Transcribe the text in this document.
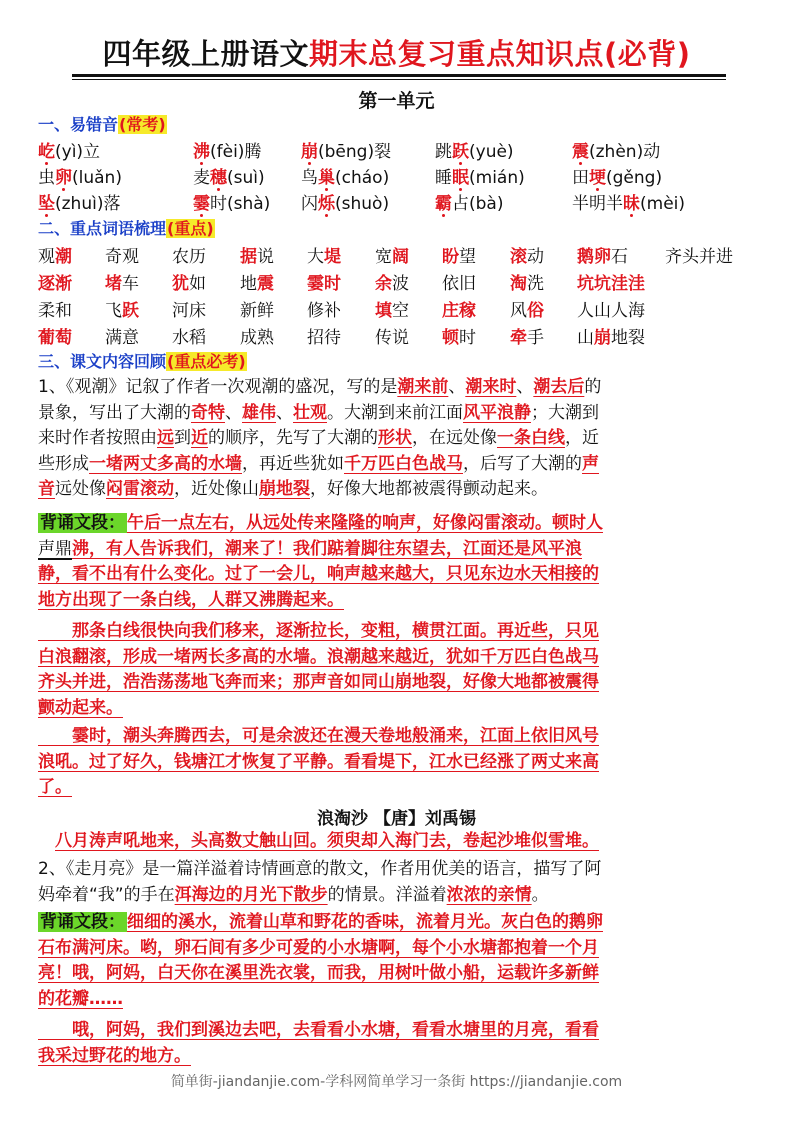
四年级上册语文期末总复习重点知识点(必背)
第一单元
一、易错音(常考)
屹(yì)立	沸(fèi)腾 崩(bēng)裂	跳跃(yuè)	震(zhèn)动
虫卵(luǎn)	麦穗(suì) 鸟巢(cháo)	睡眠(mián)	田埂(gěng)
坠(zhuì)落	霎时(shà) 闪烁(shuò)	霸占(bà)	半明半昧(mèi)
二、重点词语梳理(重点)
观潮 奇观 农历 据说 大堤 宽阔 盼望 滚动 鹅卵石 齐头并进
逐渐 堵车 犹如 地震 霎时 余波 依旧 淘洗 坑坑洼洼
柔和 飞跃 河床 新鲜 修补 填空 庄稼 风俗 人山人海
葡萄 满意 水稻 成熟 招待 传说 顿时 牵手 山崩地裂
三、课文内容回顾(重点必考)
1、《观潮》记叙了作者一次观潮的盛况，写的是潮来前、潮来时、潮去后的
景象，写出了大潮的奇特、雄伟、壮观。大潮到来前江面风平浪静；大潮到
来时作者按照由远到近的顺序，先写了大潮的形状，在远处像一条白线，近
些形成一堵两丈多高的水墙，再近些犹如千万匹白色战马，后写了大潮的声
音远处像闷雷滚动，近处像山崩地裂，好像大地都被震得颤动起来。
背诵文段： 午后一点左右，从远处传来隆隆的响声，好像闷雷滚动。顿时人
声鼎沸，有人告诉我们，潮来了！我们踮着脚往东望去，江面还是风平浪
静，看不出有什么变化。过了一会儿，响声越来越大，只见东边水天相接的
地方出现了一条白线，人群又沸腾起来。
　　那条白线很快向我们移来，逐渐拉长，变粗，横贯江面。再近些，只见
白浪翻滚，形成一堵两长多高的水墙。浪潮越来越近，犹如千万匹白色战马
齐头并进，浩浩荡荡地飞奔而来；那声音如同山崩地裂，好像大地都被震得
颤动起来。
　　霎时，潮头奔腾西去，可是余波还在漫天卷地般涌来，江面上依旧风号
浪吼。过了好久，钱塘江才恢复了平静。看看堤下，江水已经涨了两丈来高
了。
浪淘沙 【唐】刘禹锡
八月涛声吼地来，头高数丈触山回。须臾却入海门去，卷起沙堆似雪堆。
2、《走月亮》是一篇洋溢着诗情画意的散文，作者用优美的语言，描写了阿
妈牵着“我”的手在洱海边的月光下散步的情景。洋溢着浓浓的亲情。
背诵文段： 细细的溪水，流着山草和野花的香味，流着月光。灰白色的鹅卵
石布满河床。哟，卵石间有多少可爱的小水塘啊，每个小水塘都抱着一个月
亮！哦，阿妈，白天你在溪里洗衣裳，而我，用树叶做小船，运载许多新鲜
的花瓣……
　　哦，阿妈，我们到溪边去吧，去看看小水塘，看看水塘里的月亮，看看
我采过野花的地方。
简单街-jiandanjie.com-学科网简单学习一条街 https://jiandanjie.com
